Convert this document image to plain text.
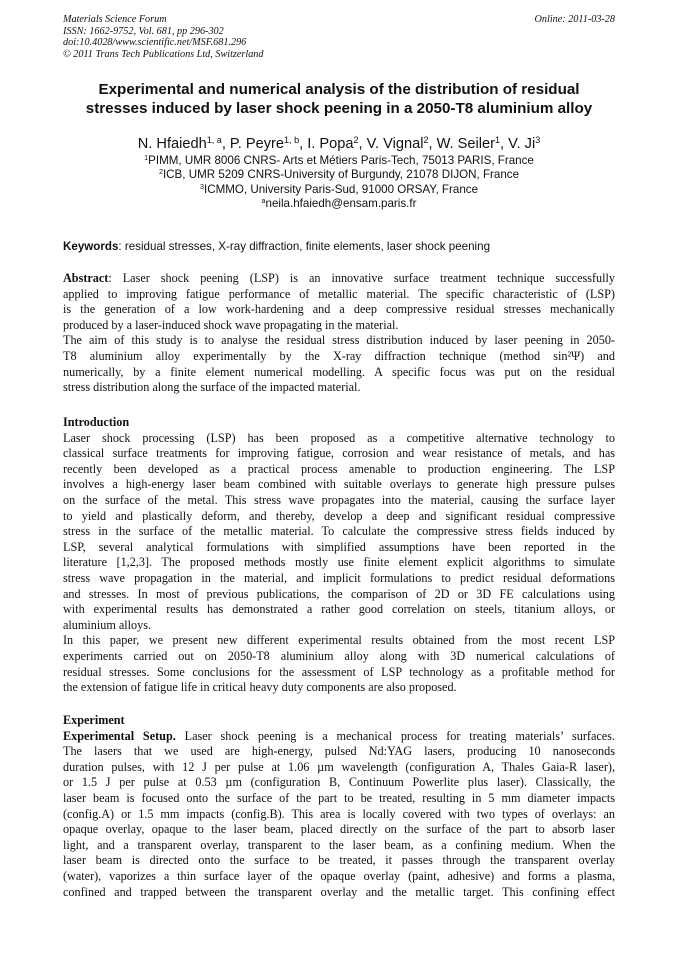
Materials Science Forum
ISSN: 1662-9752, Vol. 681, pp 296-302
doi:10.4028/www.scientific.net/MSF.681.296
© 2011 Trans Tech Publications Ltd, Switzerland
Online: 2011-03-28
Experimental and numerical analysis of the distribution of residual
stresses induced by laser shock peening in a 2050-T8 aluminium alloy
N. Hfaiedh$^{1, a}$, P. Peyre$^{1, b}$, I. Popa$^2$, V. Vignal$^2$, W. Seiler$^1$, V. Ji$^3$
$^1$PIMM, UMR 8006 CNRS- Arts et Métiers Paris-Tech, 75013 PARIS, France
$^2$ICB, UMR 5209 CNRS-University of Burgundy, 21078 DIJON, France
$^3$ICMMO, University Paris-Sud, 91000 ORSAY, France
$^a$neila.hfaiedh@ensam.paris.fr
Keywords: residual stresses, X-ray diffraction, finite elements, laser shock peening

Abstract: Laser shock peening (LSP) is an innovative surface treatment technique successfully

applied to improving fatigue performance of metallic material. The specific characteristic of (LSP)

is the generation of a low work-hardening and a deep compressive residual stresses mechanically

produced by a laser-induced shock wave propagating in the material.

The aim of this study is to analyse the residual stress distribution induced by laser peening in 2050-

T8 aluminium alloy experimentally by the X-ray diffraction technique (method sin²Ψ) and

numerically, by a finite element numerical modelling. A specific focus was put on the residual

stress distribution along the surface of the impacted material.

Introduction

Laser shock processing (LSP) has been proposed as a competitive alternative technology to

classical surface treatments for improving fatigue, corrosion and wear resistance of metals, and has

recently been developed as a practical process amenable to production engineering. The LSP

involves a high-energy laser beam combined with suitable overlays to generate high pressure pulses

on the surface of the metal. This stress wave propagates into the material, causing the surface layer

to yield and plastically deform, and thereby, develop a deep and significant residual compressive

stress in the surface of the metallic material. To calculate the compressive stress fields induced by

LSP, several analytical formulations with simplified assumptions have been reported in the

literature [1,2,3]. The proposed methods mostly use finite element explicit algorithms to simulate

stress wave propagation in the material, and implicit formulations to predict residual deformations

and stresses. In most of previous publications, the comparison of 2D or 3D FE calculations using

with experimental results has demonstrated a rather good correlation on steels, titanium alloys, or

aluminium alloys.

In this paper, we present new different experimental results obtained from the most recent LSP

experiments carried out on 2050-T8 aluminium alloy along with 3D numerical calculations of

residual stresses. Some conclusions for the assessment of LSP technology as a profitable method for

the extension of fatigue life in critical heavy duty components are also proposed.

Experiment

Experimental Setup. Laser shock peening is a mechanical process for treating materials’ surfaces.

The lasers that we used are high-energy, pulsed Nd:YAG lasers, producing 10 nanoseconds

duration pulses, with 12 J per pulse at 1.06 µm wavelength (configuration A, Thales Gaia-R laser),

or 1.5 J per pulse at 0.53 µm (configuration B, Continuum Powerlite plus laser). Classically, the

laser beam is focused onto the surface of the part to be treated, resulting in 5 mm diameter impacts

(config.A) or 1.5 mm impacts (config.B). This area is locally covered with two types of overlays: an

opaque overlay, opaque to the laser beam, placed directly on the surface of the part to absorb laser

light, and a transparent overlay, transparent to the laser beam, as a confining medium. When the

laser beam is directed onto the surface to be treated, it passes through the transparent overlay

(water), vaporizes a thin surface layer of the opaque overlay (paint, adhesive) and forms a plasma,

confined and trapped between the transparent overlay and the metallic target. This confining effect
